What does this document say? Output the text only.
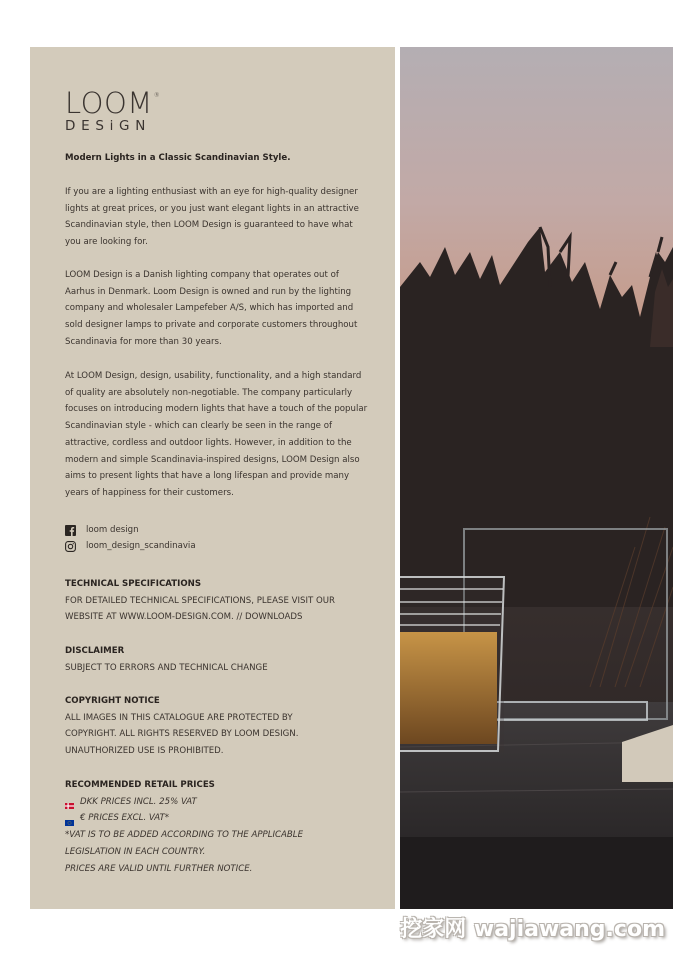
LOOM®
DESiGN
Modern Lights in a Classic Scandinavian Style.

If you are a lighting enthusiast with an eye for high-quality designer lights at great prices, or you just want elegant lights in an attractive Scandinavian style, then LOOM Design is guaranteed to have what you are looking for.

LOOM Design is a Danish lighting company that operates out of Aarhus in Denmark. Loom Design is owned and run by the lighting company and wholesaler Lampefeber A/S, which has imported and sold designer lamps to private and corporate customers throughout Scandinavia for more than 30 years.

At LOOM Design, design, usability, functionality, and a high standard of quality are absolutely non-negotiable. The company particularly focuses on introducing modern lights that have a touch of the popular Scandinavian style - which can clearly be seen in the range of attractive, cordless and outdoor lights. However, in addition to the modern and simple Scandinavia-inspired designs, LOOM Design also aims to present lights that have a long lifespan and provide many years of happiness for their customers.

loom design
loom_design_scandinavia
TECHNICAL SPECIFICATIONS
FOR DETAILED TECHNICAL SPECIFICATIONS, PLEASE VISIT OUR
WEBSITE AT WWW.LOOM-DESIGN.COM. // DOWNLOADS
DISCLAIMER
SUBJECT TO ERRORS AND TECHNICAL CHANGE
COPYRIGHT NOTICE
ALL IMAGES IN THIS CATALOGUE ARE PROTECTED BY
COPYRIGHT. ALL RIGHTS RESERVED BY LOOM DESIGN.
UNAUTHORIZED USE IS PROHIBITED.
RECOMMENDED RETAIL PRICES
DKK PRICES INCL. 25% VAT
€ PRICES EXCL. VAT*
*VAT IS TO BE ADDED ACCORDING TO THE APPLICABLE
LEGISLATION IN EACH COUNTRY.
PRICES ARE VALID UNTIL FURTHER NOTICE.
挖家网 wajiawang.com
